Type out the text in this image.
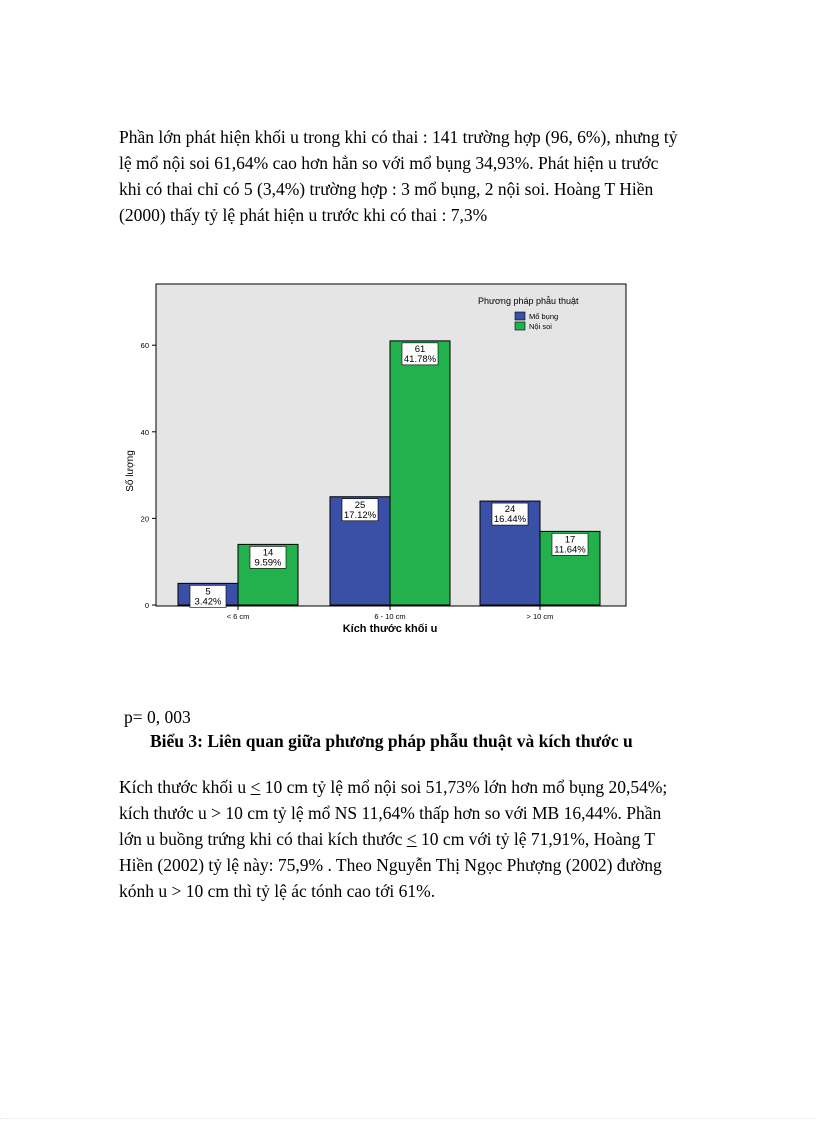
Phần lớn phát hiện khối u trong khi có thai : 141 trường hợp (96, 6%), nhưng tỷ lệ mổ nội soi 61,64% cao hơn hẳn so với mổ bụng 34,93%. Phát hiện u trước khi có thai chỉ có 5 (3,4%) trường hợp : 3 mổ bụng, 2 nội soi. Hoàng T Hiền (2000) thấy tỷ lệ phát hiện u trước khi có thai : 7,3%

0
20
40
60
5
3.42%
14
9.59%
25
17.12%
61
41.78%
24
16.44%
17
11.64%
< 6 cm	6 - 10 cm	> 10 cm
Phương pháp phẫu thuật
Mổ bụng
Nội soi
Số lượng
Kích thước khối u
p= 0, 003
Biểu 3: Liên quan giữa phương pháp phẫu thuật và kích thước u

Kích thước khối u ≤ 10 cm tỷ lệ mổ nội soi 51,73% lớn hơn mổ bụng 20,54%; kích thước u > 10 cm tỷ lệ mổ NS 11,64% thấp hơn so với MB 16,44%. Phần lớn u buồng trứng khi có thai kích thước ≤ 10 cm với tỷ lệ 71,91%, Hoàng T Hiền (2002) tỷ lệ này: 75,9% . Theo Nguyễn Thị Ngọc Phượng (2002) đường kónh u > 10 cm thì tỷ lệ ác tónh cao tới 61%.
